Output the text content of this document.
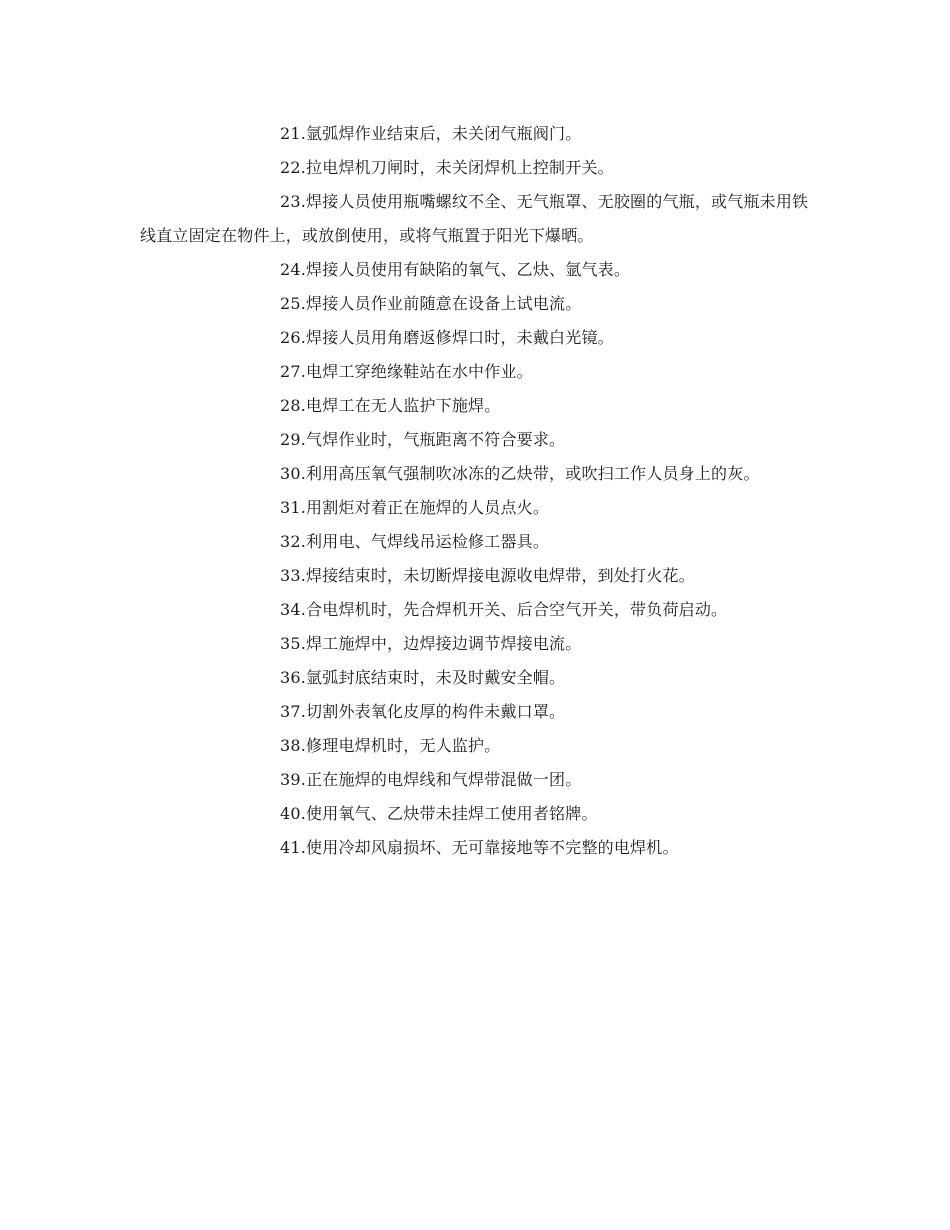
21.氩弧焊作业结束后，未关闭气瓶阀门。

22.拉电焊机刀闸时，未关闭焊机上控制开关。

23.焊接人员使用瓶嘴螺纹不全、无气瓶罩、无胶圈的气瓶，或气瓶未用铁线直立固定在物件上，或放倒使用，或将气瓶置于阳光下爆晒。

24.焊接人员使用有缺陷的氧气、乙炔、氩气表。

25.焊接人员作业前随意在设备上试电流。

26.焊接人员用角磨返修焊口时，未戴白光镜。

27.电焊工穿绝缘鞋站在水中作业。

28.电焊工在无人监护下施焊。

29.气焊作业时，气瓶距离不符合要求。

30.利用高压氧气强制吹冰冻的乙炔带，或吹扫工作人员身上的灰。

31.用割炬对着正在施焊的人员点火。

32.利用电、气焊线吊运检修工器具。

33.焊接结束时，未切断焊接电源收电焊带，到处打火花。

34.合电焊机时，先合焊机开关、后合空气开关，带负荷启动。

35.焊工施焊中，边焊接边调节焊接电流。

36.氩弧封底结束时，未及时戴安全帽。

37.切割外表氧化皮厚的构件未戴口罩。

38.修理电焊机时，无人监护。

39.正在施焊的电焊线和气焊带混做一团。

40.使用氧气、乙炔带未挂焊工使用者铭牌。

41.使用冷却风扇损坏、无可靠接地等不完整的电焊机。
